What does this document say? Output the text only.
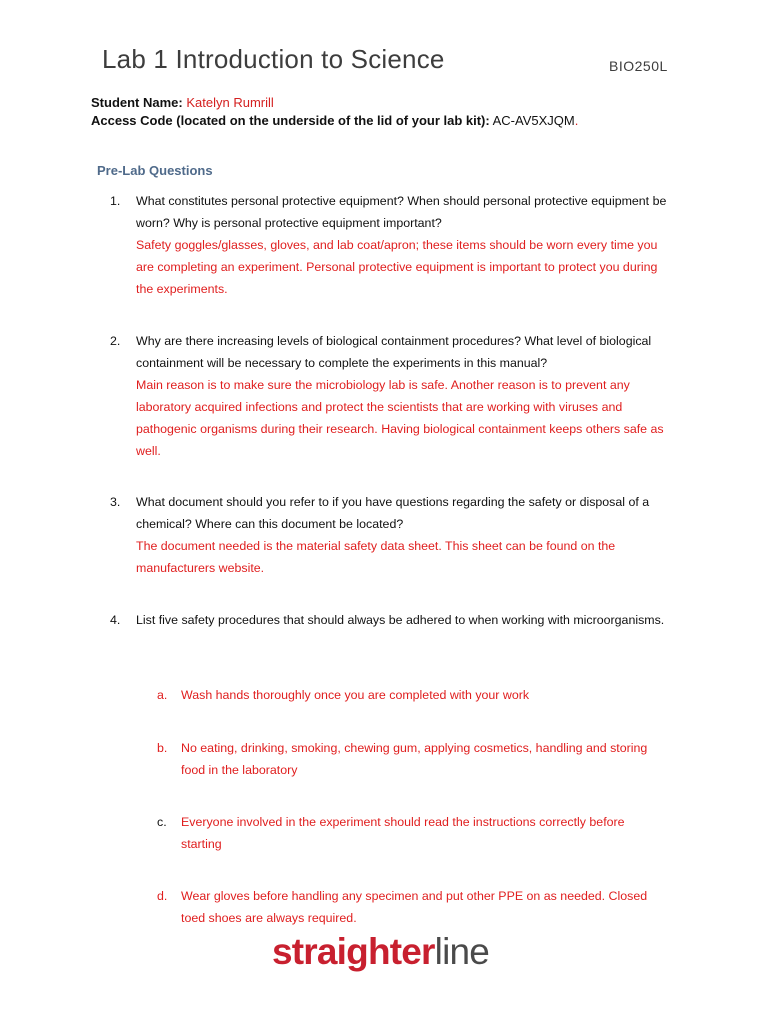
Lab 1 Introduction to Science	BIO250L
Student Name: Katelyn Rumrill
Access Code (located on the underside of the lid of your lab kit): AC-AV5XJQM.
Pre-Lab Questions
1. What constitutes personal protective equipment? When should personal protective equipment be worn? Why is personal protective equipment important?
Safety goggles/glasses, gloves, and lab coat/apron; these items should be worn every time you are completing an experiment. Personal protective equipment is important to protect you during the experiments.
2. Why are there increasing levels of biological containment procedures? What level of biological containment will be necessary to complete the experiments in this manual?
Main reason is to make sure the microbiology lab is safe. Another reason is to prevent any laboratory acquired infections and protect the scientists that are working with viruses and pathogenic organisms during their research. Having biological containment keeps others safe as well.
3. What document should you refer to if you have questions regarding the safety or disposal of a chemical? Where can this document be located?
The document needed is the material safety data sheet. This sheet can be found on the manufacturers website.
4. List five safety procedures that should always be adhered to when working with microorganisms.
a. Wash hands thoroughly once you are completed with your work
b. No eating, drinking, smoking, chewing gum, applying cosmetics, handling and storing food in the laboratory
c. Everyone involved in the experiment should read the instructions correctly before starting
d. Wear gloves before handling any specimen and put other PPE on as needed. Closed toed shoes are always required.
straighterline
